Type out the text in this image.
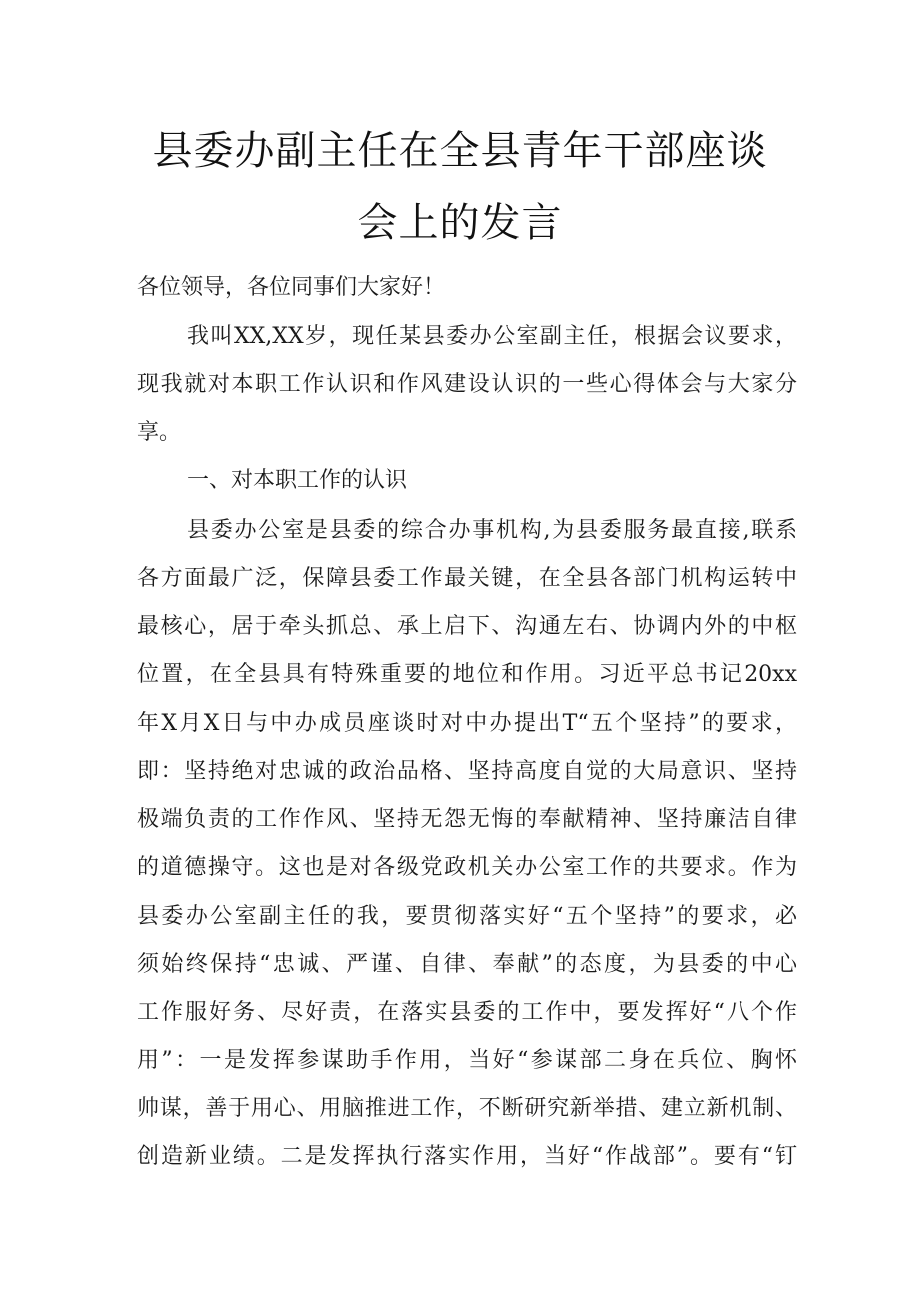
县委办副主任在全县青年干部座谈
会上的发言
各位领导，各位同事们大家好！
我叫XX,XX岁，现任某县委办公室副主任，根据会议要求，
现我就对本职工作认识和作风建设认识的一些心得体会与大家分
享。
一、对本职工作的认识
县委办公室是县委的综合办事机构,为县委服务最直接,联系
各方面最广泛，保障县委工作最关键，在全县各部门机构运转中
最核心，居于牵头抓总、承上启下、沟通左右、协调内外的中枢
位置，在全县具有特殊重要的地位和作用。习近平总书记20xx
年X月X日与中办成员座谈时对中办提出T“五个坚持”的要求，
即：坚持绝对忠诚的政治品格、坚持高度自觉的大局意识、坚持
极端负责的工作作风、坚持无怨无悔的奉献精神、坚持廉洁自律
的道德操守。这也是对各级党政机关办公室工作的共要求。作为
县委办公室副主任的我，要贯彻落实好“五个坚持”的要求，必
须始终保持“忠诚、严谨、自律、奉献”的态度，为县委的中心
工作服好务、尽好责，在落实县委的工作中，要发挥好“八个作
用”：一是发挥参谋助手作用，当好“参谋部二身在兵位、胸怀
帅谋，善于用心、用脑推进工作，不断研究新举措、建立新机制、
创造新业绩。二是发挥执行落实作用，当好“作战部”。要有“钉
